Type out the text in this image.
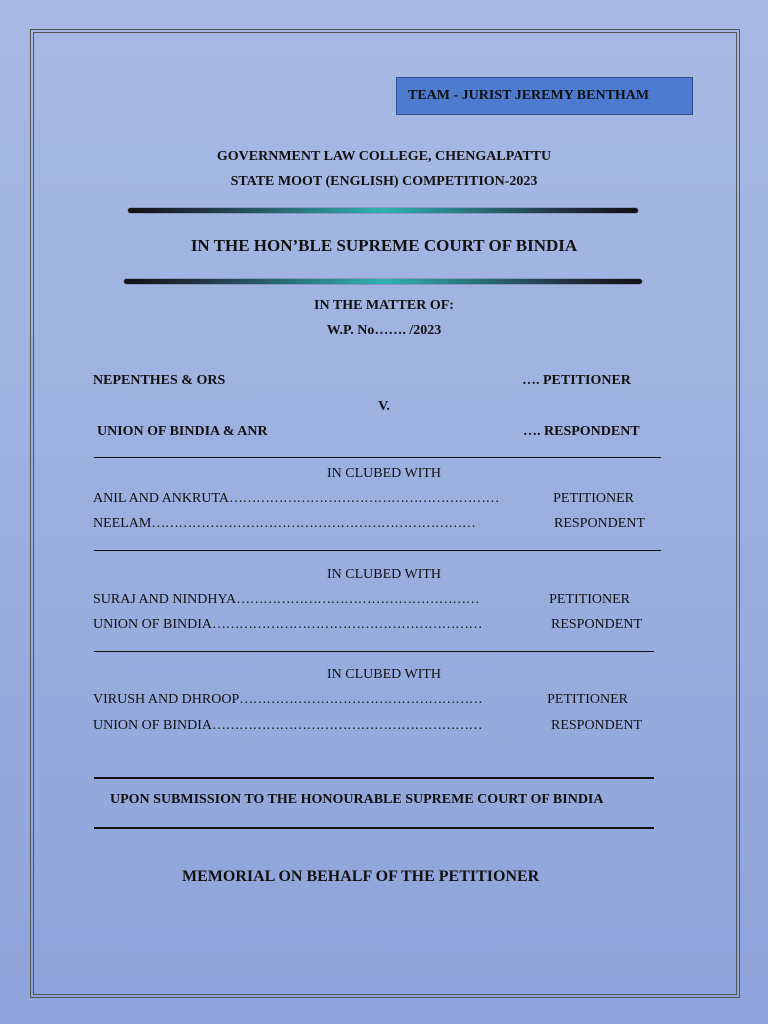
TEAM - JURIST JEREMY BENTHAM
GOVERNMENT LAW COLLEGE, CHENGALPATTU
STATE MOOT (ENGLISH) COMPETITION-2023
IN THE HON’BLE SUPREME COURT OF BINDIA
IN THE MATTER OF:
W.P. No……. /2023
NEPENTHES & ORS	…. PETITIONER
V.
UNION OF BINDIA & ANR	…. RESPONDENT
IN CLUBED WITH
ANIL AND ANKRUTA ……………………………………………………	PETITIONER
NEELAM ………………………………………………………………	RESPONDENT
IN CLUBED WITH
SURAJ AND NINDHYA ………………………………………………	PETITIONER
UNION OF BINDIA ……………………………………………………	RESPONDENT
IN CLUBED WITH
VIRUSH AND DHROOP ………………………………………………	PETITIONER
UNION OF BINDIA ……………………………………………………	RESPONDENT
UPON SUBMISSION TO THE HONOURABLE SUPREME COURT OF BINDIA
MEMORIAL ON BEHALF OF THE PETITIONER
